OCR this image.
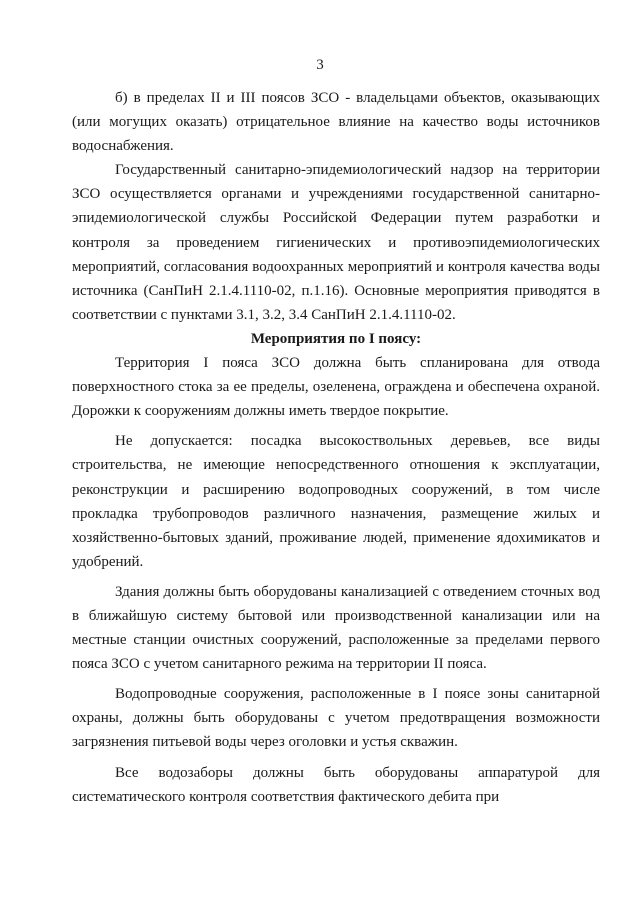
3

б) в пределах II и III поясов ЗСО - владельцами объектов, оказывающих (или могущих оказать) отрицательное влияние на качество воды источников водоснабжения.

Государственный санитарно-эпидемиологический надзор на территории ЗСО осуществляется органами и учреждениями государственной санитарно-эпидемиологической службы Российской Федерации путем разработки и контроля за проведением гигиенических и противоэпидемиологических мероприятий, согласования водоохранных мероприятий и контроля качества воды источника (СанПиН 2.1.4.1110-02, п.1.16). Основные мероприятия приводятся в соответствии с пунктами 3.1, 3.2, 3.4 СанПиН 2.1.4.1110-02.

Мероприятия по I поясу:

Территория I пояса ЗСО должна быть спланирована для отвода поверхностного стока за ее пределы, озеленена, ограждена и обеспечена охраной. Дорожки к сооружениям должны иметь твердое покрытие.

Не допускается: посадка высокоствольных деревьев, все виды строительства, не имеющие непосредственного отношения к эксплуатации, реконструкции и расширению водопроводных сооружений, в том числе прокладка трубопроводов различного назначения, размещение жилых и хозяйственно-бытовых зданий, проживание людей, применение ядохимикатов и удобрений.

Здания должны быть оборудованы канализацией с отведением сточных вод в ближайшую систему бытовой или производственной канализации или на местные станции очистных сооружений, расположенные за пределами первого пояса ЗСО с учетом санитарного режима на территории II пояса.

Водопроводные сооружения, расположенные в I поясе зоны санитарной охраны, должны быть оборудованы с учетом предотвращения возможности загрязнения питьевой воды через оголовки и устья скважин.

Все водозаборы должны быть оборудованы аппаратурой для систематического контроля соответствия фактического дебита при
